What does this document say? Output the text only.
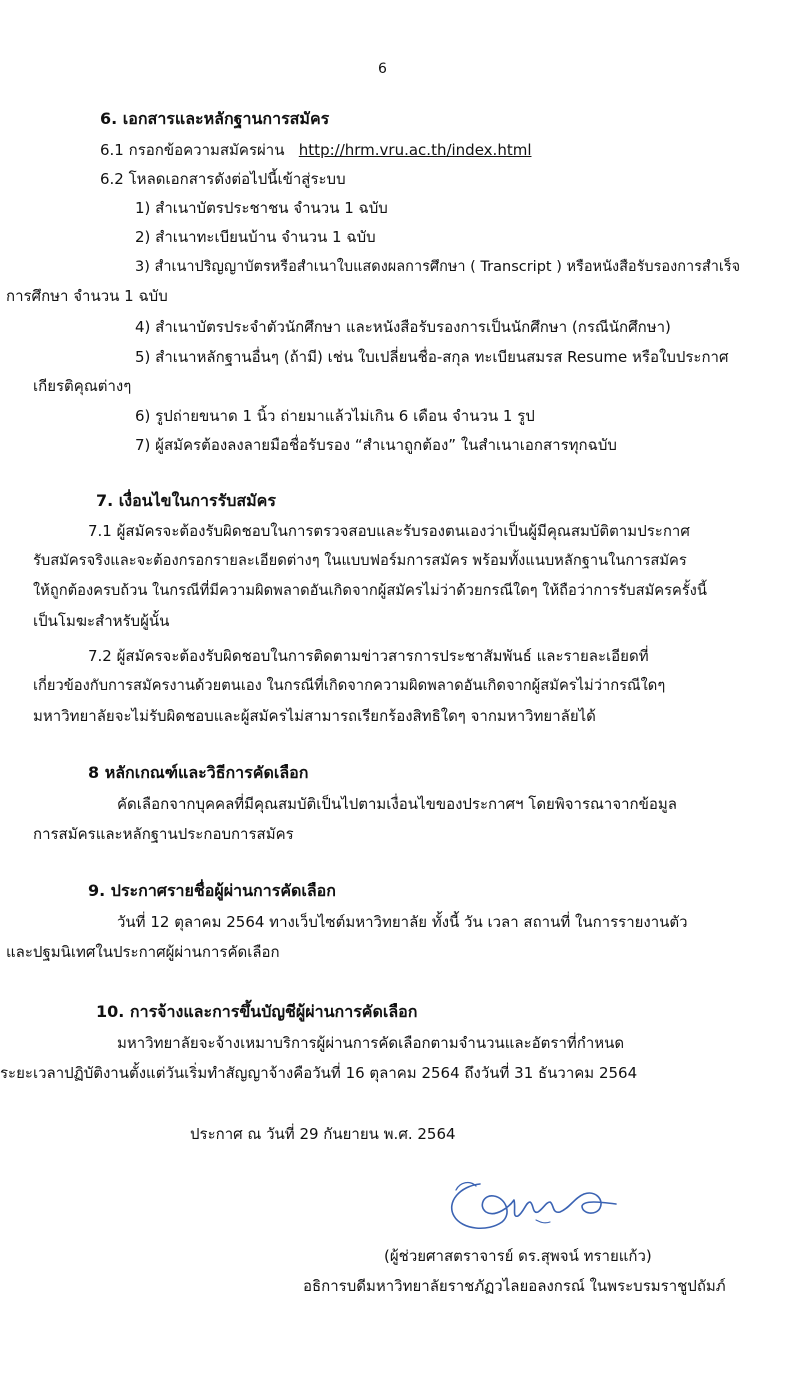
6
6. เอกสารและหลักฐานการสมัคร
6.1 กรอกข้อความสมัครผ่าน http://hrm.vru.ac.th/index.html
6.2 โหลดเอกสารดังต่อไปนี้เข้าสู่ระบบ
1) สำเนาบัตรประชาชน จำนวน 1 ฉบับ
2) สำเนาทะเบียนบ้าน จำนวน 1 ฉบับ
3) สำเนาปริญญาบัตรหรือสำเนาใบแสดงผลการศึกษา ( Transcript ) หรือหนังสือรับรองการสำเร็จ
การศึกษา จำนวน 1 ฉบับ
4) สำเนาบัตรประจำตัวนักศึกษา และหนังสือรับรองการเป็นนักศึกษา (กรณีนักศึกษา)
5) สำเนาหลักฐานอื่นๆ (ถ้ามี) เช่น ใบเปลี่ยนชื่อ-สกุล ทะเบียนสมรส Resume หรือใบประกาศ
เกียรติคุณต่างๆ
6) รูปถ่ายขนาด 1 นิ้ว ถ่ายมาแล้วไม่เกิน 6 เดือน จำนวน 1 รูป
7) ผู้สมัครต้องลงลายมือชื่อรับรอง “สำเนาถูกต้อง” ในสำเนาเอกสารทุกฉบับ
7. เงื่อนไขในการรับสมัคร
7.1 ผู้สมัครจะต้องรับผิดชอบในการตรวจสอบและรับรองตนเองว่าเป็นผู้มีคุณสมบัติตามประกาศ
รับสมัครจริงและจะต้องกรอกรายละเอียดต่างๆ ในแบบฟอร์มการสมัคร พร้อมทั้งแนบหลักฐานในการสมัคร
ให้ถูกต้องครบถ้วน ในกรณีที่มีความผิดพลาดอันเกิดจากผู้สมัครไม่ว่าด้วยกรณีใดๆ ให้ถือว่าการรับสมัครครั้งนี้
เป็นโมฆะสำหรับผู้นั้น
7.2 ผู้สมัครจะต้องรับผิดชอบในการติดตามข่าวสารการประชาสัมพันธ์ และรายละเอียดที่
เกี่ยวข้องกับการสมัครงานด้วยตนเอง ในกรณีที่เกิดจากความผิดพลาดอันเกิดจากผู้สมัครไม่ว่ากรณีใดๆ
มหาวิทยาลัยจะไม่รับผิดชอบและผู้สมัครไม่สามารถเรียกร้องสิทธิใดๆ จากมหาวิทยาลัยได้
8 หลักเกณฑ์และวิธีการคัดเลือก
คัดเลือกจากบุคคลที่มีคุณสมบัติเป็นไปตามเงื่อนไขของประกาศฯ โดยพิจารณาจากข้อมูล
การสมัครและหลักฐานประกอบการสมัคร
9. ประกาศรายชื่อผู้ผ่านการคัดเลือก
วันที่ 12 ตุลาคม 2564 ทางเว็บไซต์มหาวิทยาลัย ทั้งนี้ วัน เวลา สถานที่ ในการรายงานตัว
และปฐมนิเทศในประกาศผู้ผ่านการคัดเลือก
10. การจ้างและการขึ้นบัญชีผู้ผ่านการคัดเลือก
มหาวิทยาลัยจะจ้างเหมาบริการผู้ผ่านการคัดเลือกตามจำนวนและอัตราที่กำหนด
ระยะเวลาปฏิบัติงานตั้งแต่วันเริ่มทำสัญญาจ้างคือวันที่ 16 ตุลาคม 2564 ถึงวันที่ 31 ธันวาคม 2564
ประกาศ ณ วันที่ 29 กันยายน พ.ศ. 2564
(ผู้ช่วยศาสตราจารย์ ดร.สุพจน์ ทรายแก้ว)
อธิการบดีมหาวิทยาลัยราชภัฏวไลยอลงกรณ์ ในพระบรมราชูปถัมภ์
